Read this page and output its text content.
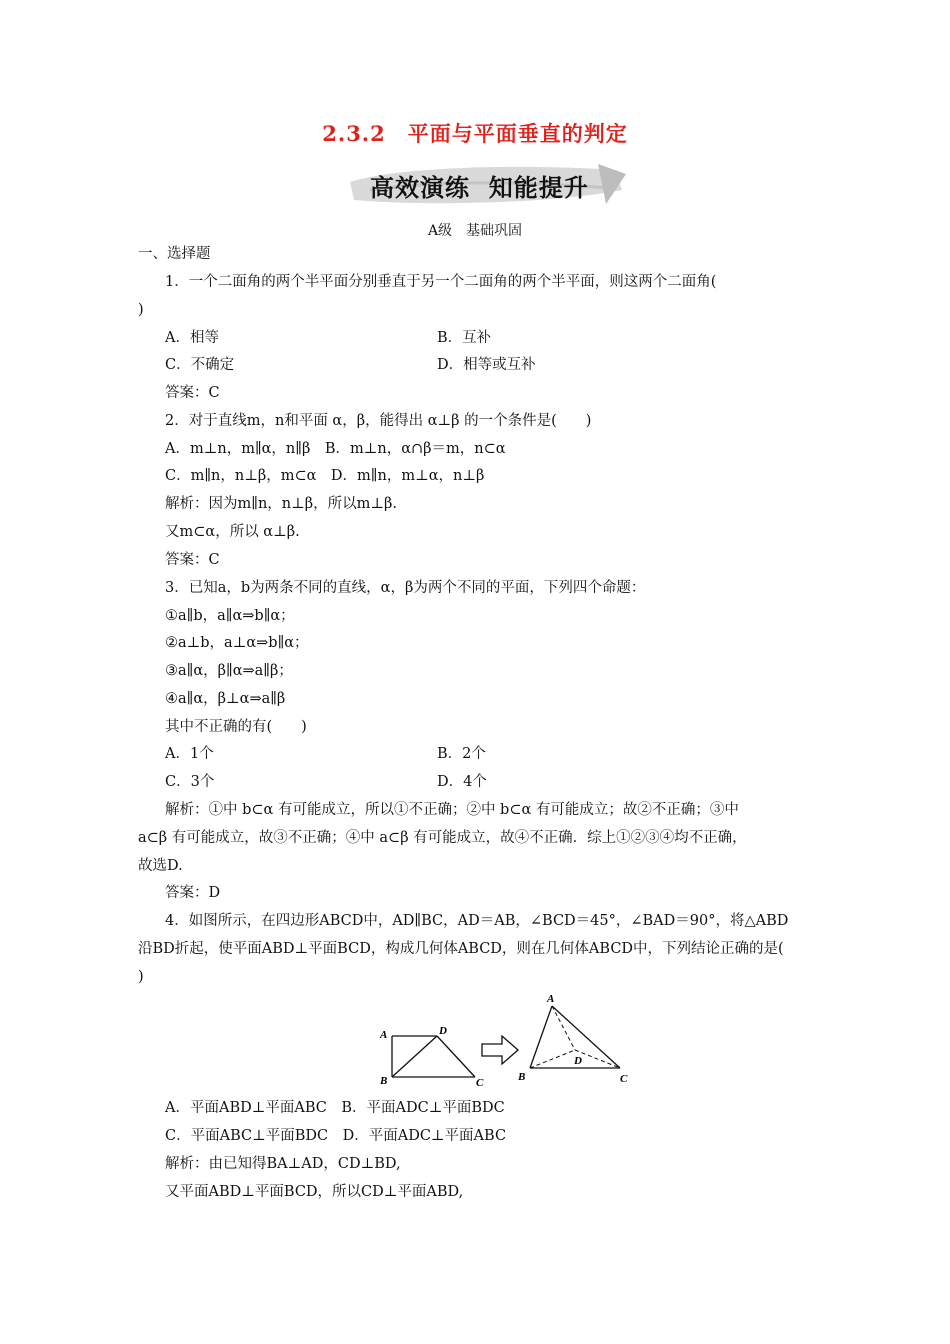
2.3.2　平面与平面垂直的判定
高效演练  知能提升
A级　基础巩固
一、选择题
1．一个二面角的两个半平面分别垂直于另一个二面角的两个半平面，则这两个二面角(
)
A．相等	B．互补
C．不确定	D．相等或互补
答案：C
2．对于直线m，n和平面 α，β，能得出 α⊥β 的一个条件是(　　)
A．m⊥n，m∥α，n∥β　B．m⊥n，α∩β＝m，n⊂α
C．m∥n，n⊥β，m⊂α　D．m∥n，m⊥α，n⊥β
解析：因为m∥n，n⊥β，所以m⊥β.
又m⊂α，所以 α⊥β.
答案：C
3．已知a，b为两条不同的直线，α，β为两个不同的平面，下列四个命题：
①a∥b，a∥α⇒b∥α；
②a⊥b，a⊥α⇒b∥α；
③a∥α，β∥α⇒a∥β；
④a∥α，β⊥α⇒a∥β
其中不正确的有(　　)
A．1个	B．2个
C．3个	D．4个
解析：①中 b⊂α 有可能成立，所以①不正确；②中 b⊂α 有可能成立；故②不正确；③中
a⊂β 有可能成立，故③不正确；④中 a⊂β 有可能成立，故④不正确．综上①②③④均不正确，
故选D.
答案：D
4．如图所示，在四边形ABCD中，AD∥BC，AD＝AB，∠BCD＝45°，∠BAD＝90°，将△ABD
沿BD折起，使平面ABD⊥平面BCD，构成几何体ABCD，则在几何体ABCD中，下列结论正确的是(
)
A	D
B	C
A
D
B	C
A．平面ABD⊥平面ABC　B．平面ADC⊥平面BDC
C．平面ABC⊥平面BDC　D．平面ADC⊥平面ABC
解析：由已知得BA⊥AD，CD⊥BD,
又平面ABD⊥平面BCD，所以CD⊥平面ABD,
